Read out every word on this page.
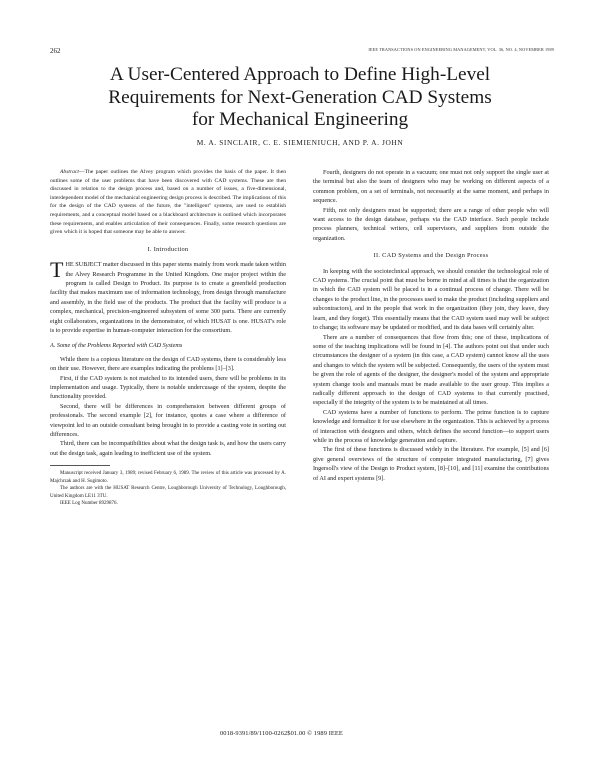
262	IEEE TRANSACTIONS ON ENGINEERING MANAGEMENT, VOL. 36, NO. 4, NOVEMBER 1989
A User-Centered Approach to Define High-Level
Requirements for Next-Generation CAD Systems
for Mechanical Engineering
M. A. SINCLAIR, C. E. SIEMIENIUCH, AND P. A. JOHN

Abstract—The paper outlines the Alvey program which provides the basis of the paper. It then outlines some of the user problems that have been discovered with CAD systems. These are then discussed in relation to the design process and, based on a number of issues, a five-dimensional, interdependent model of the mechanical engineering design process is described. The implications of this for the design of the CAD systems of the future, the "intelligent" systems, are used to establish requirements, and a conceptual model based on a blackboard architecture is outlined which incorporates these requirements, and enables articulation of their consequences. Finally, some research questions are given which it is hoped that someone may be able to answer.

I. Introduction

THE SUBJECT matter discussed in this paper stems mainly from work made taken within the Alvey Research Programme in the United Kingdom. One major project within the program is called Design to Product. Its purpose is to create a greenfield production facility that makes maximum use of information technology, from design through manufacture and assembly, in the field use of the products. The product that the facility will produce is a complex, mechanical, precision-engineered subsystem of some 300 parts. There are currently eight collaborators, organizations in the demonstrator, of which HUSAT is one. HUSAT's role is to provide expertise in human-computer interaction for the consortium.

A. Some of the Problems Reported with CAD Systems

While there is a copious literature on the design of CAD systems, there is considerably less on their use. However, there are examples indicating the problems [1]–[3].

First, if the CAD system is not matched to its intended users, there will be problems in its implementation and usage. Typically, there is notable undercusage of the system, despite the functionality provided.

Second, there will be differences in comprehension between different groups of professionals. The second example [2], for instance, quotes a case where a difference of viewpoint led to an outside consultant being brought in to provide a casting vote in sorting out differences.

Third, there can be incompatibilities about what the design task is, and how the users carry out the design task, again leading to inefficient use of the system.

Manuscript received January 3, 1989; revised February 6, 1989. The review of this article was processed by A. Majchrzak and H. Sugimoto.

The authors are with the HUSAT Research Centre, Loughborough University of Technology, Loughborough, United Kingdom LE11 3TU.

IEEE Log Number 8929876.

Fourth, designers do not operate in a vacuum; one must not only support the single user at the terminal but also the team of designers who may be working on different aspects of a common problem, on a set of terminals, not necessarily at the same moment, and perhaps in sequence.

Fifth, not only designers must be supported; there are a range of other people who will want access to the design database, perhaps via the CAD interface. Such people include process planners, technical writers, cell supervisors, and suppliers from outside the organization.

II. CAD Systems and the Design Process

In keeping with the sociotechnical approach, we should consider the technological role of CAD systems. The crucial point that must be borne in mind at all times is that the organization in which the CAD system will be placed is in a continual process of change. There will be changes to the product line, in the processes used to make the product (including suppliers and subcontractors), and in the people that work in the organization (they join, they leave, they learn, and they forget). This essentially means that the CAD system used may well be subject to change; its software may be updated or modified, and its data bases will certainly alter.

There are a number of consequences that flow from this; one of these, implications of some of the teaching implications will be found in [4]. The authors point out that under such circumstances the designer of a system (in this case, a CAD system) cannot know all the uses and changes to which the system will be subjected. Consequently, the users of the system must be given the role of agents of the designer, the designer's model of the system and appropriate system change tools and manuals must be made available to the user group. This implies a radically different approach to the design of CAD systems to that currently practised, especially if the integrity of the system is to be maintained at all times.

CAD systems have a number of functions to perform. The prime function is to capture knowledge and formalize it for use elsewhere in the organization. This is achieved by a process of interaction with designers and others, which defines the second function—to support users while in the process of knowledge generation and capture.

The first of these functions is discussed widely in the literature. For example, [5] and [6] give general overviews of the structure of computer integrated manufacturing, [7] gives Ingersoll's view of the Design to Product system, [8]–[10], and [11] examine the contributions of AI and expert systems [9].

0018-9391/89/1100-0262$01.00 © 1989 IEEE
